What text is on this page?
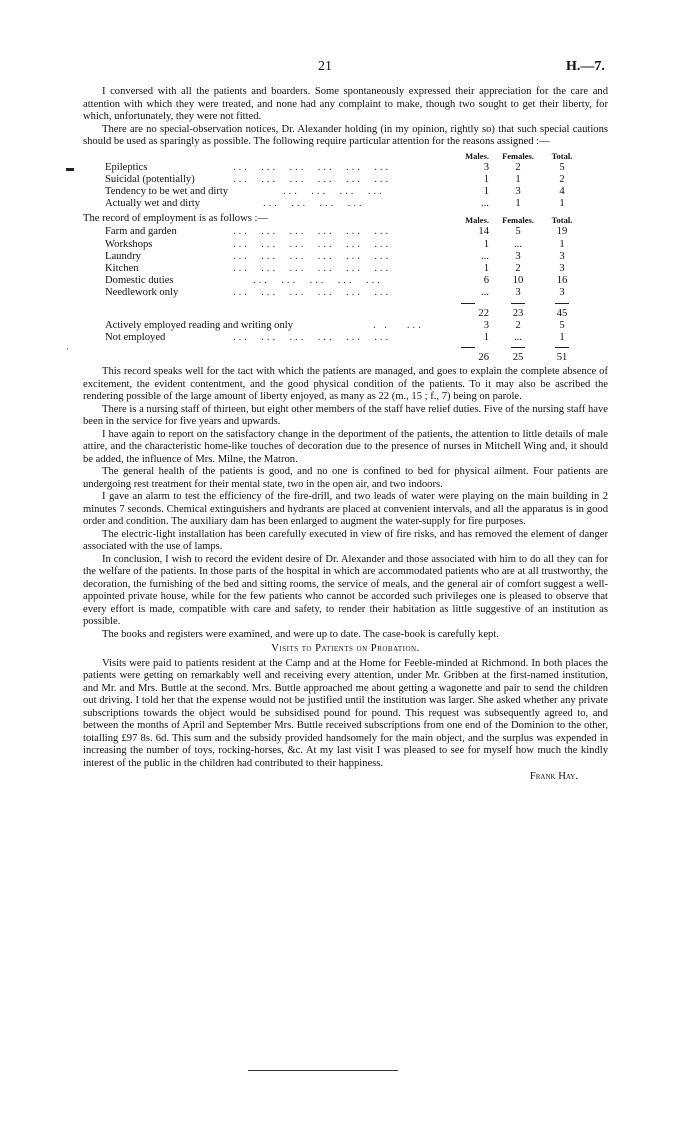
21	H.—7.

I conversed with all the patients and boarders. Some spontaneously expressed their appreciation for the care and attention with which they were treated, and none had any complaint to make, though two sought to get their liberty, for which, unfortunately, they were not fitted.

There are no special-observation notices, Dr. Alexander holding (in my opinion, rightly so) that such special cautions should be used as sparingly as possible. The following require particular attention for the reasons assigned :—

Males. Females.	Total.
Epileptics	...  ...  ...  ...  ...  ...	3	2	5
Suicidal (potentially)	...  ...  ...  ...  ...  ...	1	1	2
Tendency to be wet and dirty	...  ...  ...  ...	1	3	4
Actually wet and dirty	...  ...  ...  ...	...	1	1
The record of employment is as follows :—	Males. Females.	Total.
Farm and garden	...  ...  ...  ...  ...  ...	14	5	19
Workshops	...  ...  ...  ...  ...  ...	1	...	1
Laundry	...  ...  ...  ...  ...  ...	...	3	3
Kitchen	...  ...  ...  ...  ...  ...	1	2	3
Domestic duties	...  ...  ...  ...  ...	6	10	16
Needlework only	...  ...  ...  ...  ...  ...	...	3	3
22	23	45
Actively employed reading and writing only	. .   ...	3	2	5
Not employed	...  ...  ...  ...  ...  ...	1	...	1
26	25	51

This record speaks well for the tact with which the patients are managed, and goes to explain the complete absence of excitement, the evident contentment, and the good physical condition of the patients. To it may also be ascribed the rendering possible of the large amount of liberty enjoyed, as many as 22 (m., 15 ; f., 7) being on parole.

There is a nursing staff of thirteen, but eight other members of the staff have relief duties. Five of the nursing staff have been in the service for five years and upwards.

I have again to report on the satisfactory change in the deportment of the patients, the attention to little details of male attire, and the characteristic home-like touches of decoration due to the presence of nurses in Mitchell Wing and, it should be added, the influence of Mrs. Milne, the Matron.

The general health of the patients is good, and no one is confined to bed for physical ailment. Four patients are undergoing rest treatment for their mental state, two in the open air, and two indoors.

I gave an alarm to test the efficiency of the fire-drill, and two leads of water were playing on the main building in 2 minutes 7 seconds. Chemical extinguishers and hydrants are placed at convenient intervals, and all the apparatus is in good order and condition. The auxiliary dam has been enlarged to augment the water-supply for fire purposes.

The electric-light installation has been carefully executed in view of fire risks, and has removed the element of danger associated with the use of lamps.

In conclusion, I wish to record the evident desire of Dr. Alexander and those associated with him to do all they can for the welfare of the patients. In those parts of the hospital in which are accommodated patients who are at all trustworthy, the decoration, the furnishing of the bed and sitting rooms, the service of meals, and the general air of comfort suggest a well-appointed private house, while for the few patients who cannot be accorded such privileges one is pleased to observe that every effort is made, compatible with care and safety, to render their habitation as little suggestive of an institution as possible.

The books and registers were examined, and were up to date. The case-book is carefully kept.

Visits to Patients on Probation.

Visits were paid to patients resident at the Camp and at the Home for Feeble-minded at Richmond. In both places the patients were getting on remarkably well and receiving every attention, under Mr. Gribben at the first-named institution, and Mr. and Mrs. Buttle at the second. Mrs. Buttle approached me about getting a wagonette and pair to send the children out driving. I told her that the expense would not be justified until the institution was larger. She asked whether any private subscriptions towards the object would be subsidised pound for pound. This request was subsequently agreed to, and between the months of April and September Mrs. Buttle received subscriptions from one end of the Dominion to the other, totalling £97 8s. 6d. This sum and the subsidy provided handsomely for the main object, and the surplus was expended in increasing the number of toys, rocking-horses, &c. At my last visit I was pleased to see for myself how much the kindly interest of the public in the children had contributed to their happiness.

Frank Hay.
·
